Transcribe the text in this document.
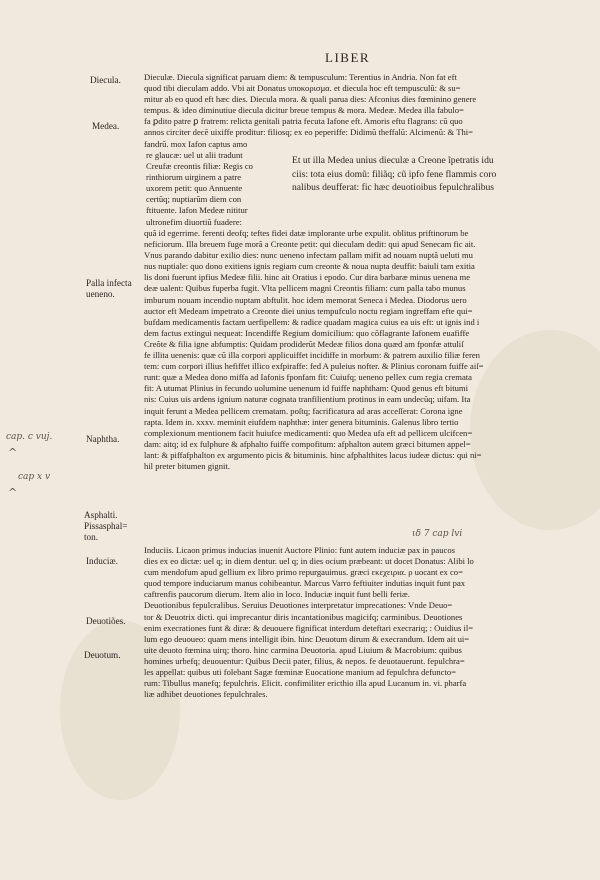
LIBER
Diecula.
Medea.
Palla infecta
ueneno.
Naphtha.
Asphalti.
Pissasphal=
ton.
Induciæ.
Deuotiões.
Deuotum.
cap. c vuj.
^
cap x v
^
ιδ 7 cap lvi
Dieculæ. Diecula significat paruam diem: & tempusculum: Terentius in Andria. Non fat eft
quod tibi dieculam addo. Vbi ait Donatus υπoκορισμα. et diecula hoc eft tempusculũ: & su=
mitur ab eo quod eft hæc dies. Diecula mora. & quali parua dies: Afconius dies fœminino genere
tempus. & ideo diminutiue diecula dicitur breue tempus & mora. Medeæ. Medea illa fabulo=
fa ꝑdito patre ꝑ fratrem: relicta genitali patria fecuta Iafone eft. Amoris eftu flagrans: cũ quo
annos circiter decẽ uixiffe proditur: filiosq; ex eo peperiffe: Didimũ theffalũ: Alcimenũ: & Thi=
fandrũ. mox Iafon captus amo
re glaucæ: uel ut alii tradunt
Creufæ creontis filiæ: Regis co
rinthiorum uirginem a patre
uxorem petit: quo Annuente
certũq; nuptiarũm diem con
ftituente. Iafon Medeæ nititur
ultronefim diuortiũ fuadere:
Et ut illa Medea unius dieculæ a Creone ĩpetratis idu
ciis: tota eius domũ: filiãq; cũ ipfo fene flammis coro
nalibus deufferat: fic hæc deuotioibus fepulchralibus
quã id egerrime. ferenti deofq; teftes fidei datæ implorante urbe expulit. oblitus priftinorum be
neficiorum. Illa breuem fuge morã a Creonte petit: qui dieculam dedit: qui apud Senecam fic ait.
Vnus parando dabitur exilio dies: nunc ueneno infectam pallam mifit ad nouam nuptã ueluti mu
nus nuptiale: quo dono exitiens ignis regiam cum creonte & noua nupta deuffit: baiuli tam exitia
lis doni fuerunt ipfius Medeæ filii. hinc ait Oratius i epodo. Cur dira barbaræ minus uenena me
deæ ualent: Quibus fuperba fugit. Vlta pellicem magni Creontis filiam: cum palla tabo munus
imburum nouam incendio nuptam abftulit. hoc idem memorat Seneca i Medea. Diodorus uero
auctor eft Medeam impetrato a Creonte diei unius tempufculo noctu regiam ingreffam efte qui=
bufdam medicamentis factam uerfipellem: & radice quadam magica cuius ea uis eft: ut ignis ind i
dem factus extingui nequeat: Incendiffe Regium domicilium: quo cõflagrante Iafonem euafiffe
Creõte & filia igne abfumptis: Quidam prodiderũt Medeæ filios dona quæd am fponfæ attuliſ
fe illita uenenis: quæ cũ illa corpori applicuiffet incidiffe in morbum: & patrem auxilio filiæ feren
tem: cum corpori illius hefiffet illico exfpiraffe: fed A puleius nofter. & Plinius coronam fuiffe aiſ=
runt: quæ a Medea dono miffa ad Iafonis fponfam fit: Cuiufq; ueneno pellex cum regia cremata
fit: A utumat Plinius in fecundo uolumine uenenum id fuiffe naphtham: Quod genus eft bitumi
nis: Cuius uis ardens ignium naturæ cognata tranfilientium protinus in eam undecũq; uifam. Ita
inquit ferunt a Medea pellicem crematam. poſtq; facrificatura ad aras acceſſerat: Corona igne
rapta. Idem in. xxxv. meminit eiufdem naphthæ: inter genera bituminis. Galenus libro tertio
complexionum mentionem facit huiufce medicamenti: quo Medea ufa eft ad pellicem ulcifcen=
dam: aitq; id ex fulphure & afphalto fuiffe compofitum: afphalton autem græci bitumen appel=
lant: & piffafphalton ex argumento picis & bituminis. hinc afphalthites lacus iudeæ dictus: qui ni=
hil preter bitumen gignit.
Induciis. Licaon primus inducias inuenit Auctore Plinio: funt autem induciæ pax in paucos
dies ex eo dictæ: uel q; in diem dentur. uel q; in dies ocium præbeant: ut docet Donatus: Alibi lo
cum mendofum apud gellium ex libro primo repurgauimus. græci εκεχειρια. ρ uocant ex co=
quod tempore induciarum manus cohibeantur. Marcus Varro feftiuiter indutias inquit funt pax
caftrenfis paucorum dierum. Item alio in loco. Induciæ inquit funt belli feriæ.
Deuotionibus fepulcralibus. Seruius Deuotiones interpretatur imprecationes: Vnde Deuo=
tor & Deuotrix dicti. qui imprecantur diris incantationibus magicifq; carminibus. Deuotiones
enim execrationes funt & diræ: & deuouere fignificat interdum deteftari execrariq; : Ouidius il=
lum ego deuoueo: quam mens intelligit ibin. hinc Deuotum dirum & execrandum. Idem ait ui=
uite deuoto fœmina uirq; thoro. hinc carmina Deuotoria. apud Liuium & Macrobium: quibus
homines urbefq; deuouentur: Quibus Decii pater, filius, & nepos. fe deuotauerunt. fepulchra=
les appellat: quibus uti folebant Sagæ fœminæ Euocatione manium ad fepulchra defuncto=
rum: Tibullus manefq; fepulchris. Elicit. confimiliter ericthio illa apud Lucanum in. vi. pharfa
liæ adhibet deuotiones fepulchrales.
